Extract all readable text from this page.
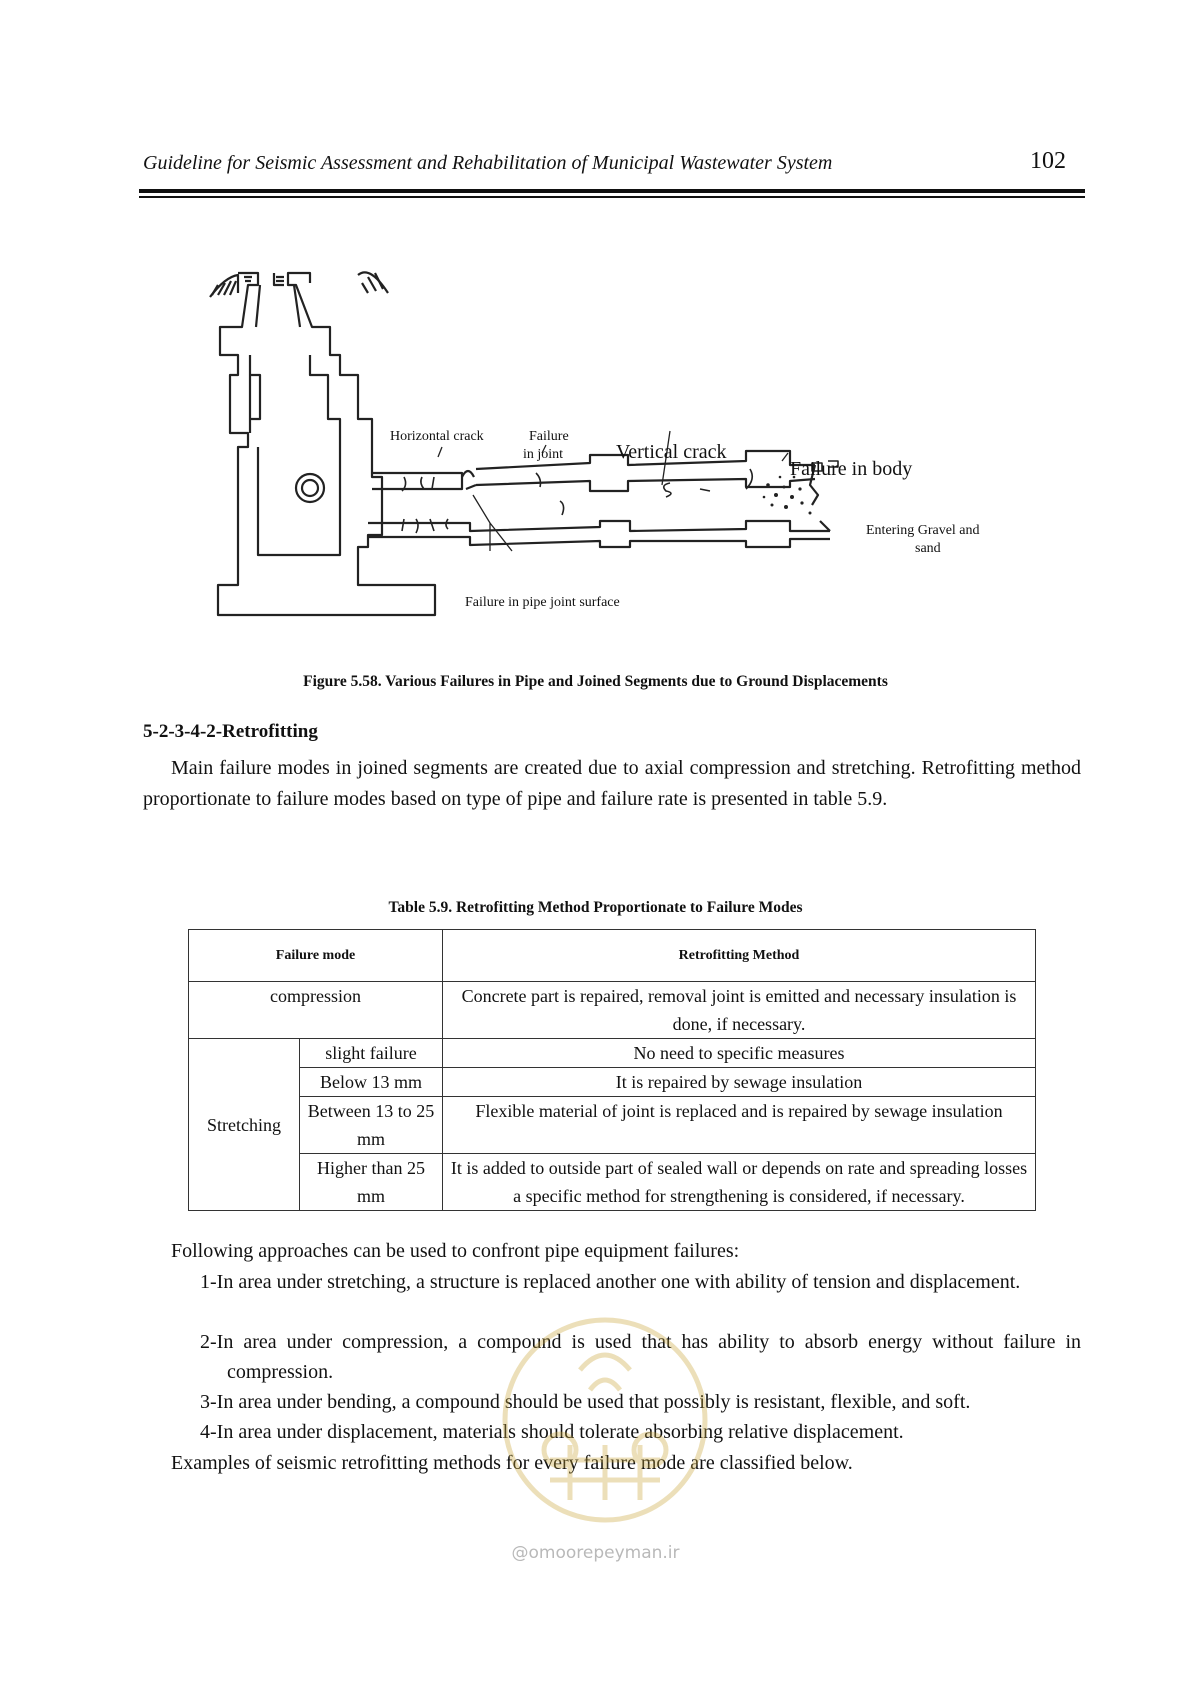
Guideline for Seismic Assessment and Rehabilitation of Municipal Wastewater System	102
Horizontal crack	Failure
in joint	Vertical crack
Failure in body
Entering Gravel and
sand
Failure in pipe joint surface
Figure 5.58. Various Failures in Pipe and Joined Segments due to Ground Displacements
5-2-3-4-2-Retrofitting
Main failure modes in joined segments are created due to axial compression and stretching. Retrofitting method proportionate to failure modes based on type of pipe and failure rate is presented in table 5.9.
Table 5.9. Retrofitting Method Proportionate to Failure Modes
Failure mode		Retrofitting Method
compression		Concrete part is repaired, removal joint is emitted and necessary insulation is done, if necessary.
Stretching	slight failure	No need to specific measures
	Below 13 mm	It is repaired by sewage insulation
	Between 13 to 25 mm	Flexible material of joint is replaced and is repaired by sewage insulation
	Higher than 25 mm	It is added to outside part of sealed wall or depends on rate and spreading losses a specific method for strengthening is considered, if necessary.
Following approaches can be used to confront pipe equipment failures:
1-In area under stretching, a structure is replaced another one with ability of tension and displacement.
2-In area under compression, a compound is used that has ability to absorb energy without failure in compression.
3-In area under bending, a compound should be used that possibly is resistant, flexible, and soft.
4-In area under displacement, materials should tolerate absorbing relative displacement.
Examples of seismic retrofitting methods for every failure mode are classified below.
@omoorepeyman.ir
